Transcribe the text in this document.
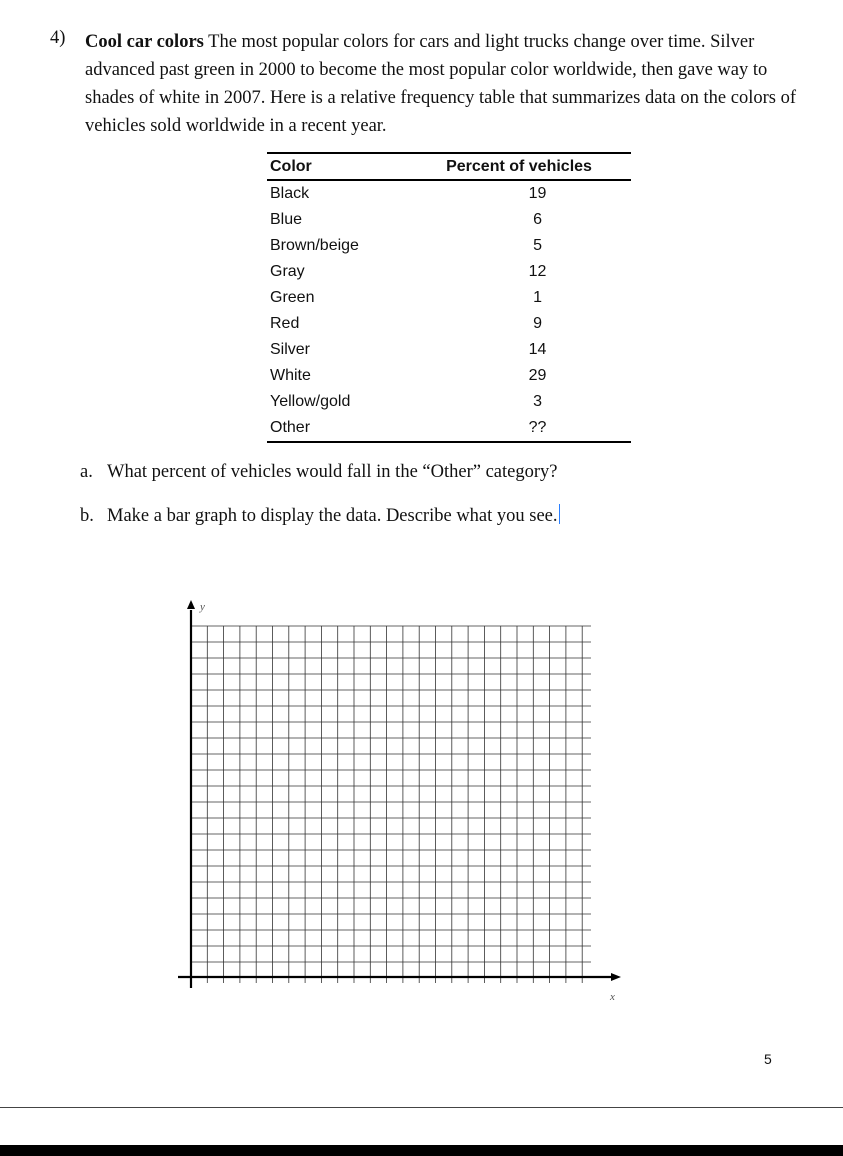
4) Cool car colors The most popular colors for cars and light trucks change over time. Silver advanced past green in 2000 to become the most popular color worldwide, then gave way to shades of white in 2007. Here is a relative frequency table that summarizes data on the colors of vehicles sold worldwide in a recent year.
Color	Percent of vehicles
Black	19
Blue	6
Brown/beige	5
Gray	12
Green	1
Red	9
Silver	14
White	29
Yellow/gold	3
Other	??
a. What percent of vehicles would fall in the “Other” category?
b. Make a bar graph to display the data. Describe what you see.
y
x
5
